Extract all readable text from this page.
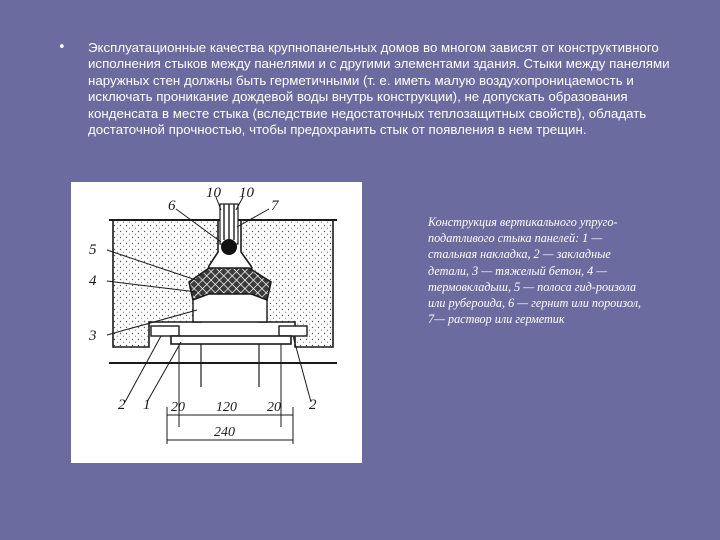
• Эксплуатационные качества крупнопанельных домов во многом зависят от конструктивного исполнения стыков между панелями и с другими элементами здания. Стыки между панелями наружных стен должны быть герметичными (т. е. иметь малую воздухопроницаемость и исключать проникание дождевой воды внутрь конструкции), не допускать образования конденсата в месте стыка (вследствие недостаточных теплозащитных свойств), обладать достаточной прочностью, чтобы предохранить стык от появления в нем трещин.

10 10
6	7
5
4
3
2 1	2
20 120 20
240

Конструкция вертикального упруго-податливого стыка панелей: 1 — стальная накладка, 2 — закладные детали, 3 — тяжелый бетон, 4 — термовкладыш, 5 — полоса гид-роизола или рубероида, 6 — гернит или пороизол, 7— раствор или герметик
